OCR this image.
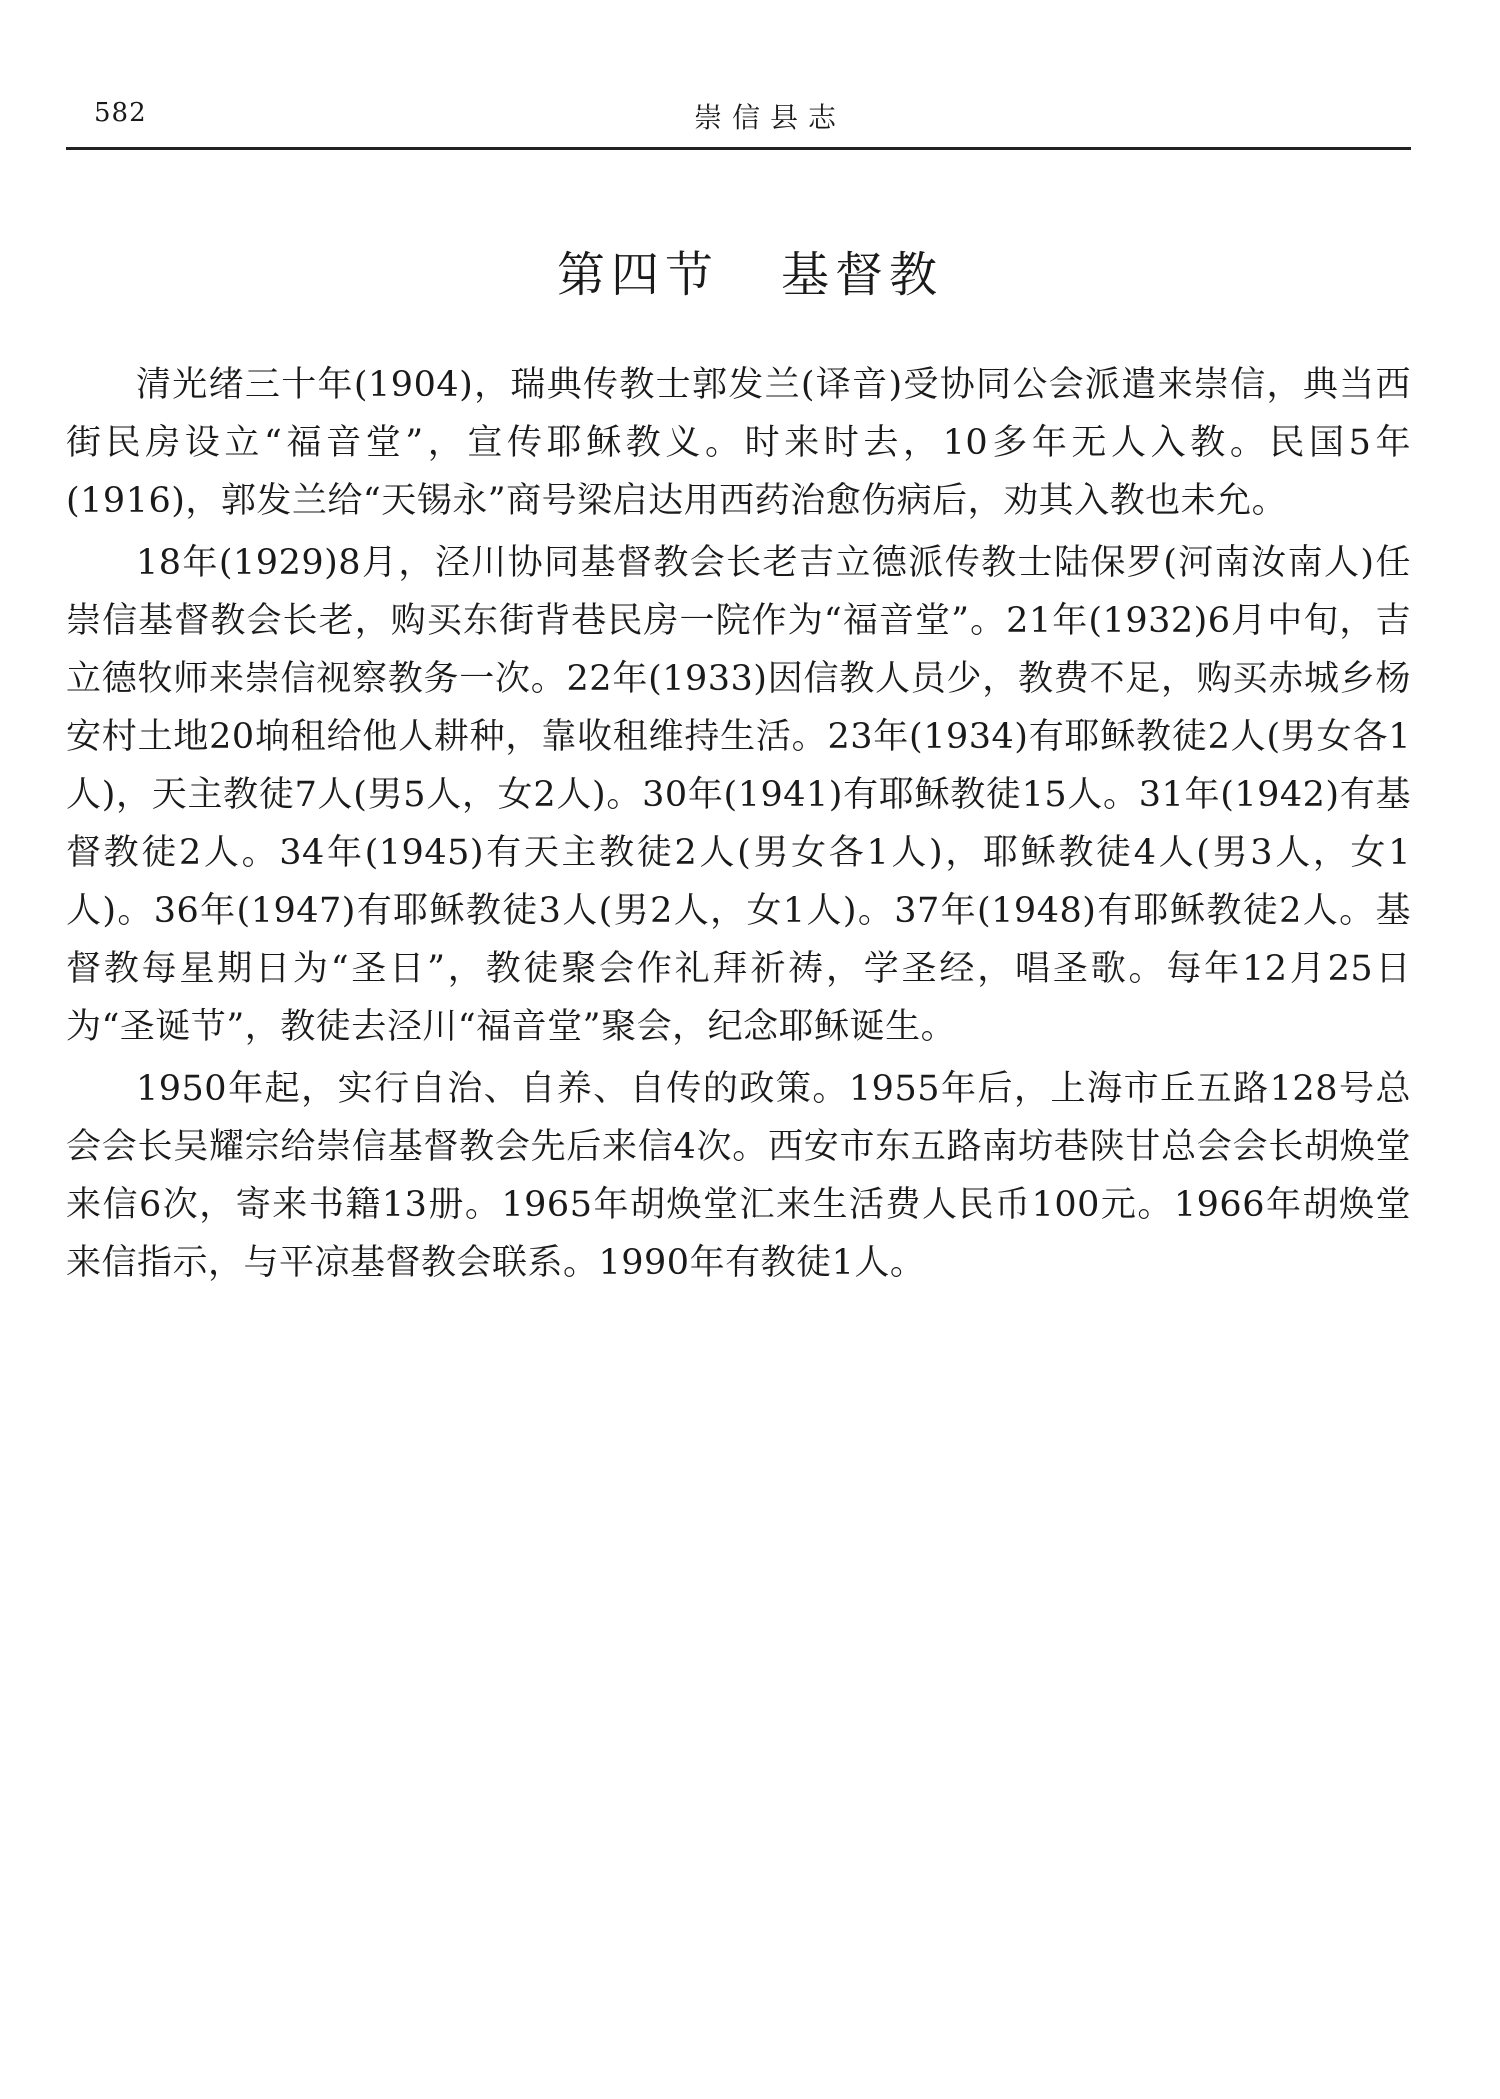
582	崇信县志
第四节 基督教

清光绪三十年(1904)，瑞典传教士郭发兰(译音)受协同公会派遣来崇信，典当西街民房设立“福音堂”，宣传耶稣教义。时来时去，10多年无人入教。民国5年(1916)，郭发兰给“天锡永”商号梁启达用西药治愈伤病后，劝其入教也未允。

18年(1929)8月，泾川协同基督教会长老吉立德派传教士陆保罗(河南汝南人)任崇信基督教会长老，购买东街背巷民房一院作为“福音堂”。21年(1932)6月中旬，吉立德牧师来崇信视察教务一次。22年(1933)因信教人员少，教费不足，购买赤城乡杨安村土地20垧租给他人耕种，靠收租维持生活。23年(1934)有耶稣教徒2人(男女各1人)，天主教徒7人(男5人，女2人)。30年(1941)有耶稣教徒15人。31年(1942)有基督教徒2人。34年(1945)有天主教徒2人(男女各1人)，耶稣教徒4人(男3人，女1人)。36年(1947)有耶稣教徒3人(男2人，女1人)。37年(1948)有耶稣教徒2人。基督教每星期日为“圣日”，教徒聚会作礼拜祈祷，学圣经，唱圣歌。每年12月25日为“圣诞节”，教徒去泾川“福音堂”聚会，纪念耶稣诞生。

1950年起，实行自治、自养、自传的政策。1955年后，上海市丘五路128号总会会长吴耀宗给崇信基督教会先后来信4次。西安市东五路南坊巷陕甘总会会长胡焕堂来信6次，寄来书籍13册。1965年胡焕堂汇来生活费人民币100元。1966年胡焕堂来信指示，与平凉基督教会联系。1990年有教徒1人。
